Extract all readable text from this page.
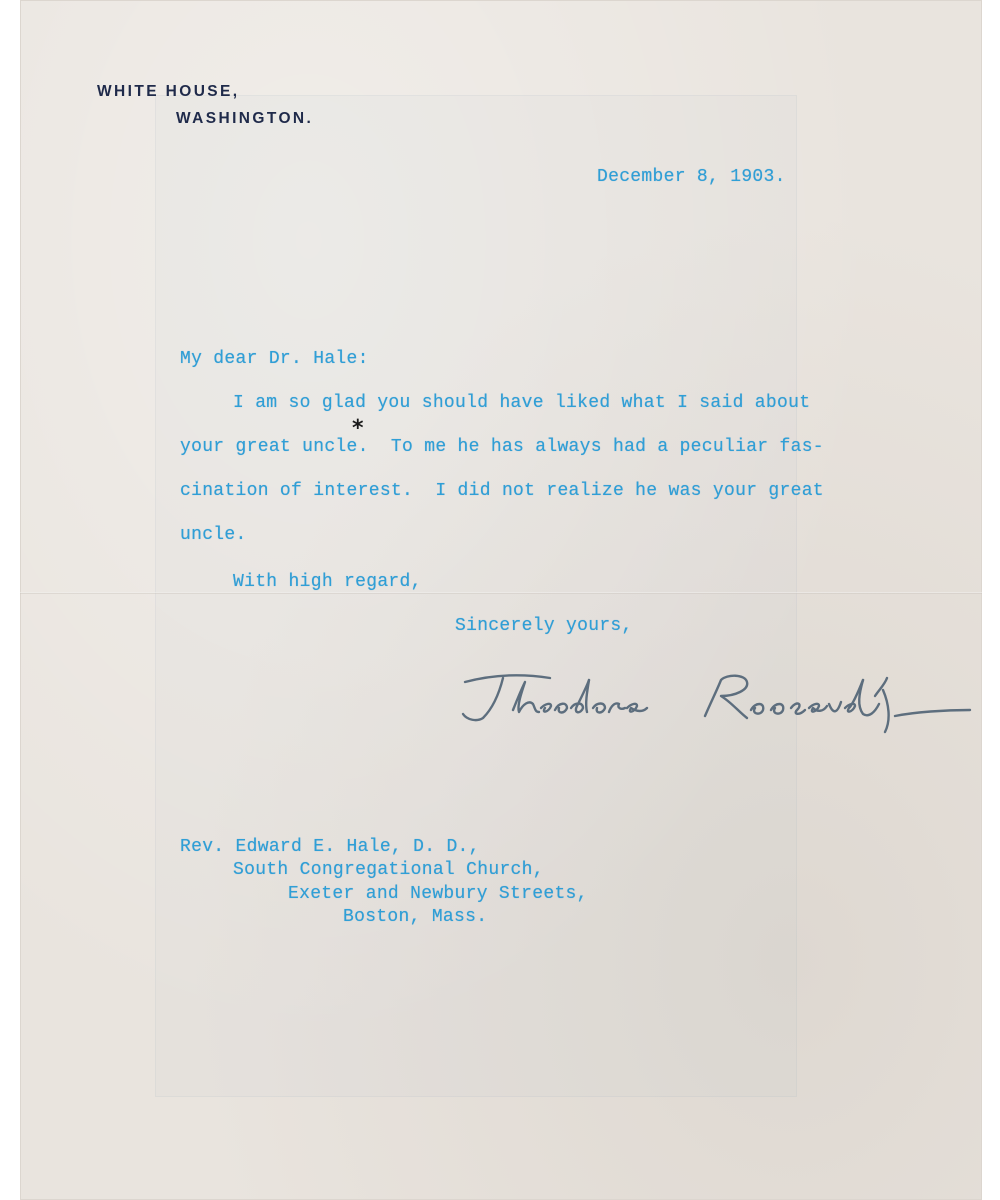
WHITE HOUSE,
WASHINGTON.
December 8, 1903.
My dear Dr. Hale:
I am so glad you should have liked what I said about
your great uncle.  To me he has always had a peculiar fas-
cination of interest.  I did not realize he was your great
uncle.
*
With high regard,
Sincerely yours,
Rev. Edward E. Hale, D. D.,
South Congregational Church,
Exeter and Newbury Streets,
Boston, Mass.
